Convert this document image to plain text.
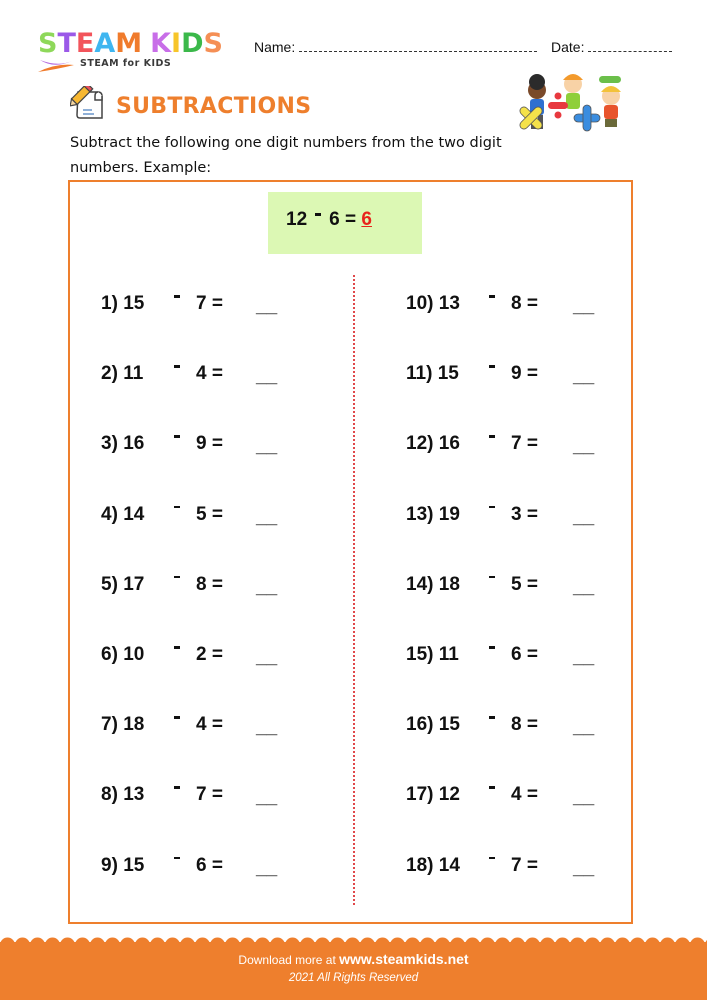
STEAM KIDS
STEAM for KIDS
Name:	Date:
SUBTRACTIONS
Subtract the following one digit numbers from the two digit numbers. Example:
12 6 = 6
1) 15	7 = __
2) 11	4 = __
3) 16	9 = __
4) 14	5 = __
5) 17	8 = __
6) 10	2 = __
7) 18	4 = __
8) 13	7 = __
9) 15	6 = __
10) 13	8 = __
11) 15	9 = __
12) 16	7 = __
13) 19	3 = __
14) 18	5 = __
15) 11	6 = __
16) 15	8 = __
17) 12	4 = __
18) 14	7 = __
Download more at www.steamkids.net
2021 All Rights Reserved
